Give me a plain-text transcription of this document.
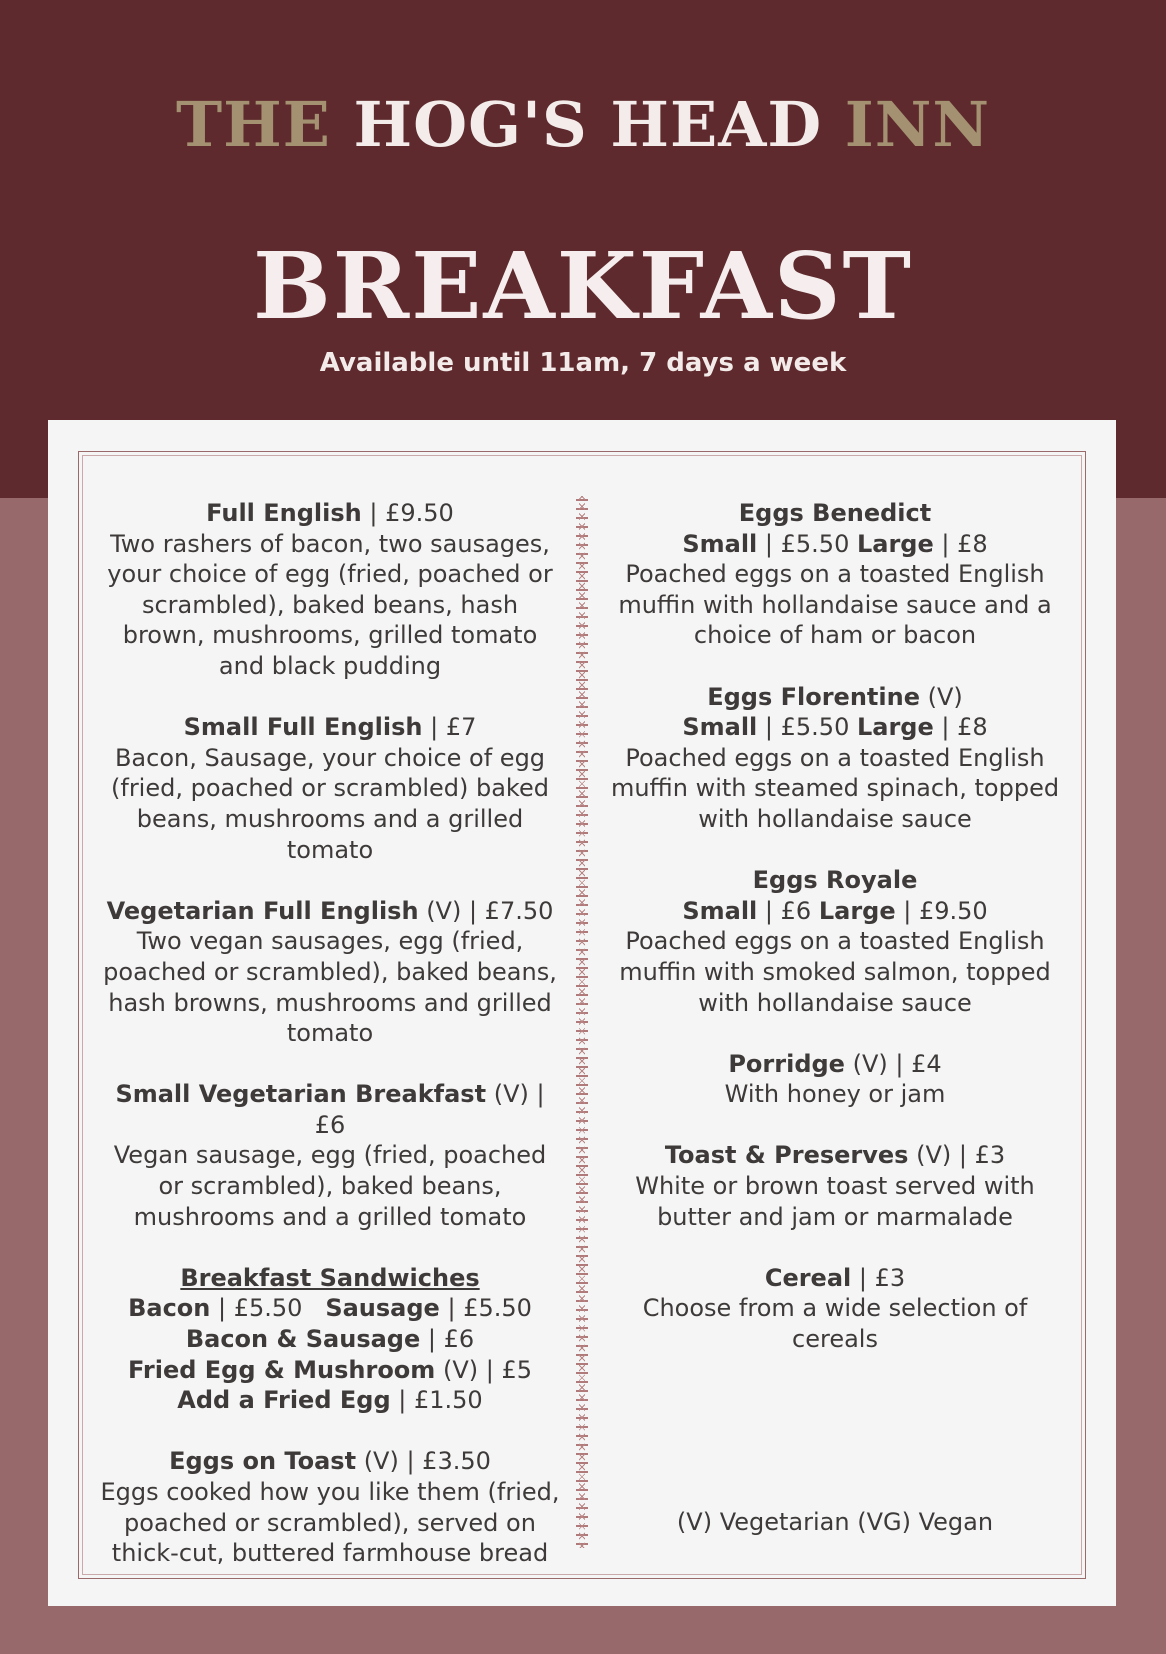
THE HOG'S HEAD INN
BREAKFAST
Available until 11am, 7 days a week
Full English | £9.50
Two rashers of bacon, two sausages, your choice of egg (fried, poached or scrambled), baked beans, hash brown, mushrooms, grilled tomato and black pudding
Small Full English | £7
Bacon, Sausage, your choice of egg (fried, poached or scrambled) baked beans, mushrooms and a grilled tomato
Vegetarian Full English (V) | £7.50
Two vegan sausages, egg (fried, poached or scrambled), baked beans, hash browns, mushrooms and grilled tomato
Small Vegetarian Breakfast (V) | £6
Vegan sausage, egg (fried, poached or scrambled), baked beans, mushrooms and a grilled tomato
Breakfast Sandwiches
Bacon | £5.50 Sausage | £5.50
Bacon & Sausage | £6
Fried Egg & Mushroom (V) | £5
Add a Fried Egg | £1.50
Eggs on Toast (V) | £3.50
Eggs cooked how you like them (fried, poached or scrambled), served on thick-cut, buttered farmhouse bread
Eggs Benedict
Small | £5.50 Large | £8
Poached eggs on a toasted English muffin with hollandaise sauce and a choice of ham or bacon
Eggs Florentine (V)
Small | £5.50 Large | £8
Poached eggs on a toasted English muffin with steamed spinach, topped with hollandaise sauce
Eggs Royale
Small | £6 Large | £9.50
Poached eggs on a toasted English muffin with smoked salmon, topped with hollandaise sauce
Porridge (V) | £4
With honey or jam
Toast & Preserves (V) | £3
White or brown toast served with butter and jam or marmalade
Cereal | £3
Choose from a wide selection of cereals
(V) Vegetarian (VG) Vegan
